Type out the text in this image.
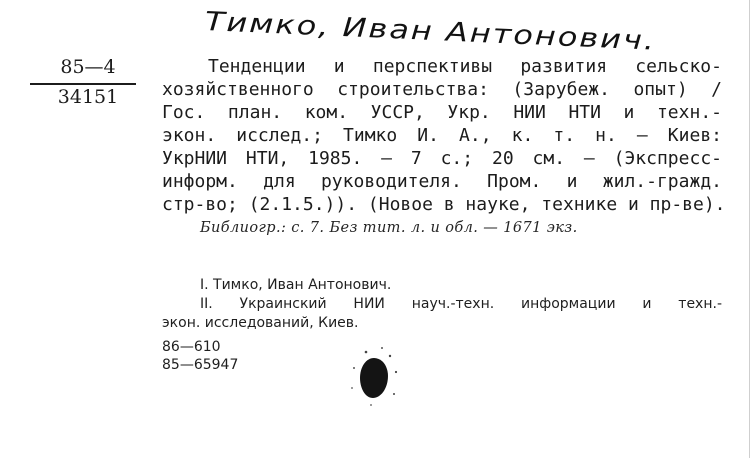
Тимко, Иван Антонович.
85—4
34151
Тенденции и перспективы развития сельско-
хозяйственного строительства: (Зарубеж. опыт) /
Гос. план. ком. УССР, Укр. НИИ НТИ и техн.-
экон. исслед.; Тимко И. А., к. т. н. — Киев:
УкрНИИ НТИ, 1985. — 7 с.; 20 см. — (Экспресс-
информ. для руководителя. Пром. и жил.-гражд.
стр-во; (2.1.5.)). (Новое в науке, технике и пр-ве).
Библиогр.: с. 7. Без тит. л. и обл. — 1671 экз.
I. Тимко, Иван Антонович.
II. Украинский НИИ науч.-техн. информации и техн.-
экон. исследований, Киев.
86—610
85—65947
